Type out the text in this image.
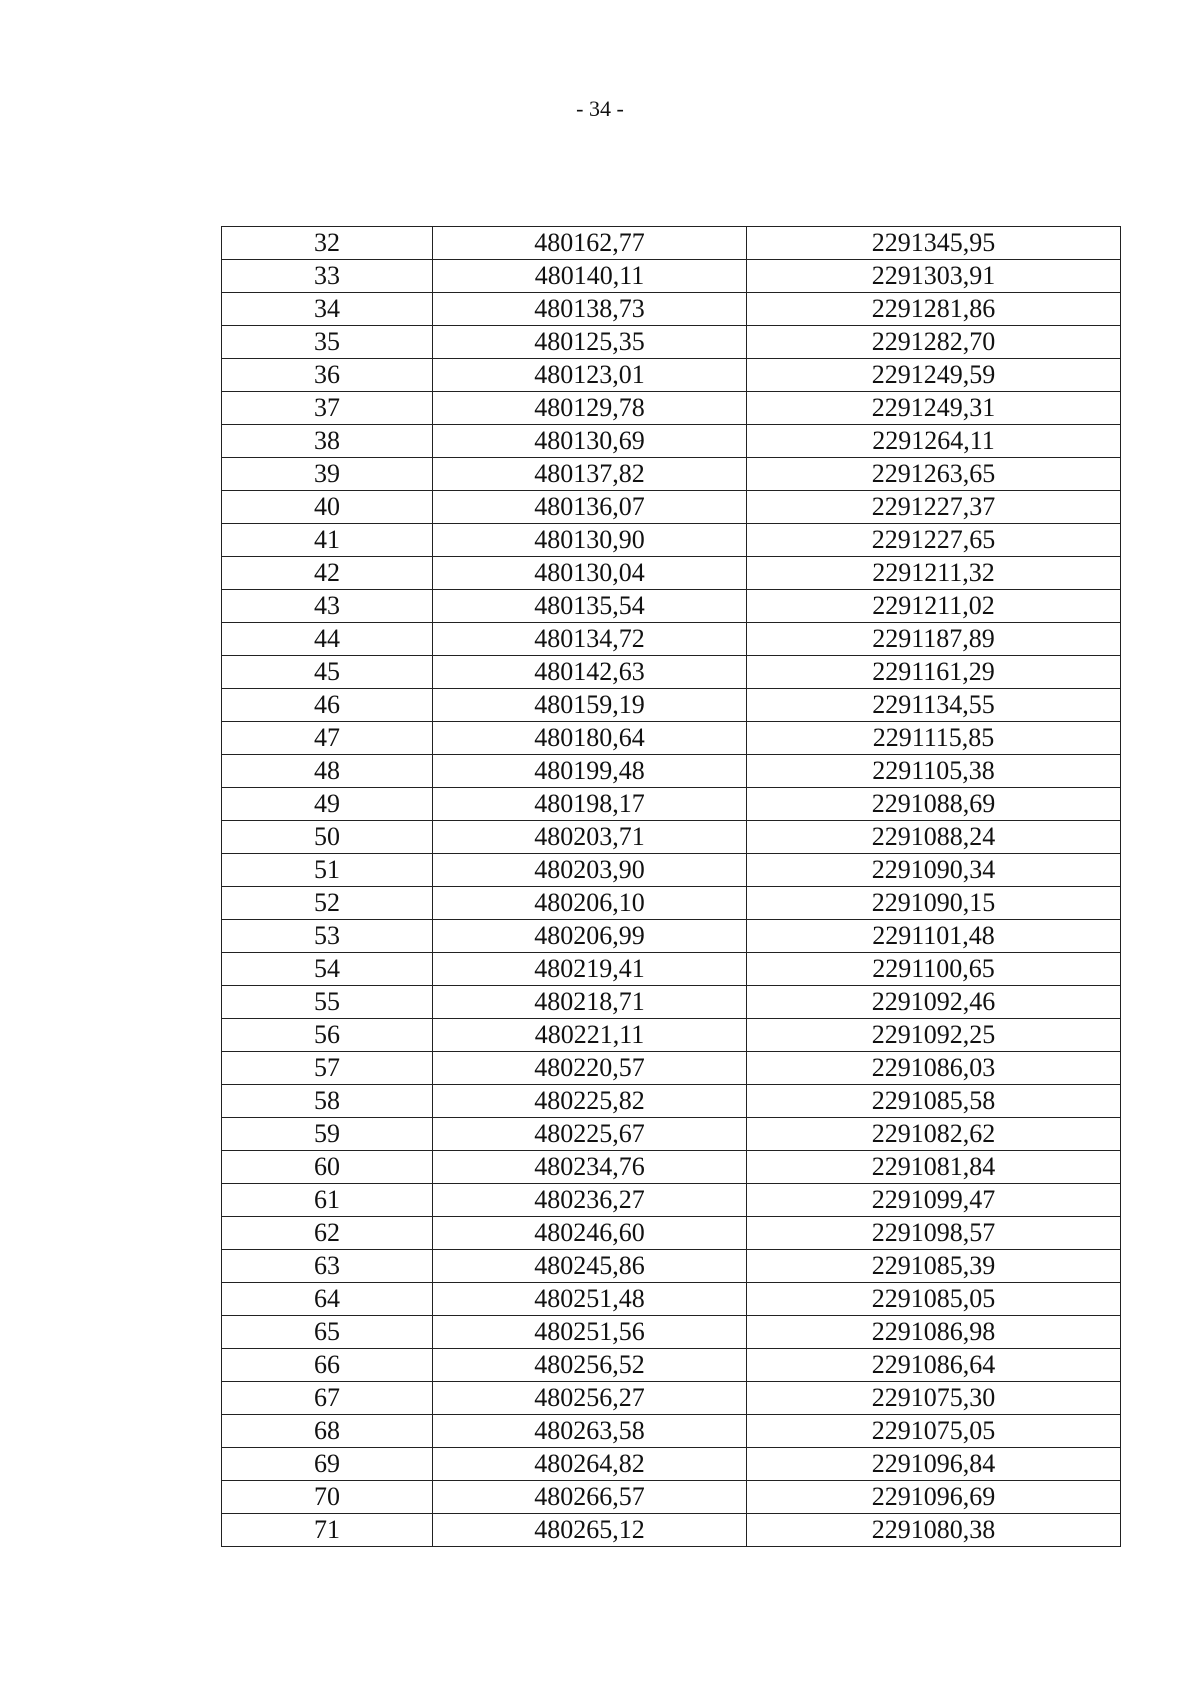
- 34 -
32	480162,77	2291345,95
33	480140,11	2291303,91
34	480138,73	2291281,86
35	480125,35	2291282,70
36	480123,01	2291249,59
37	480129,78	2291249,31
38	480130,69	2291264,11
39	480137,82	2291263,65
40	480136,07	2291227,37
41	480130,90	2291227,65
42	480130,04	2291211,32
43	480135,54	2291211,02
44	480134,72	2291187,89
45	480142,63	2291161,29
46	480159,19	2291134,55
47	480180,64	2291115,85
48	480199,48	2291105,38
49	480198,17	2291088,69
50	480203,71	2291088,24
51	480203,90	2291090,34
52	480206,10	2291090,15
53	480206,99	2291101,48
54	480219,41	2291100,65
55	480218,71	2291092,46
56	480221,11	2291092,25
57	480220,57	2291086,03
58	480225,82	2291085,58
59	480225,67	2291082,62
60	480234,76	2291081,84
61	480236,27	2291099,47
62	480246,60	2291098,57
63	480245,86	2291085,39
64	480251,48	2291085,05
65	480251,56	2291086,98
66	480256,52	2291086,64
67	480256,27	2291075,30
68	480263,58	2291075,05
69	480264,82	2291096,84
70	480266,57	2291096,69
71	480265,12	2291080,38
